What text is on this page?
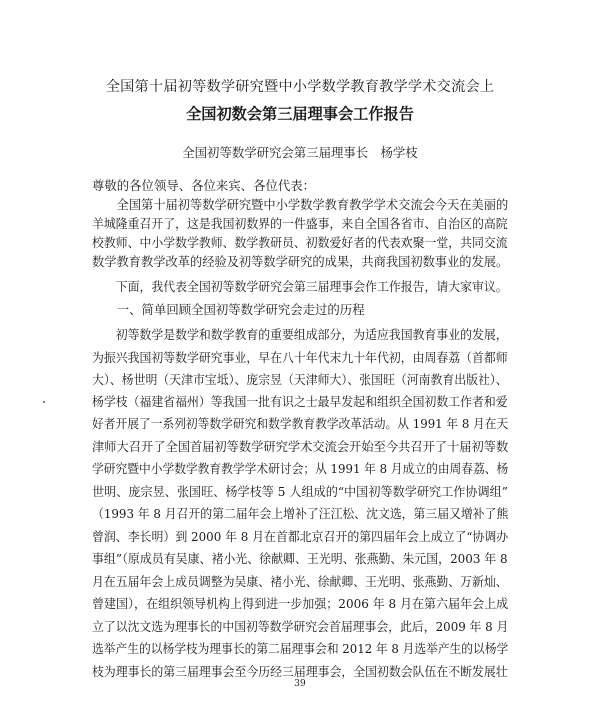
全国第十届初等数学研究暨中小学数学教育教学学术交流会上
全国初数会第三届理事会工作报告
全国初等数学研究会第三届理事长　杨学枝
尊敬的各位领导、各位来宾、各位代表：
　　全国第十届初等数学研究暨中小学数学教育教学学术交流会今天在美丽的
羊城隆重召开了，这是我国初数界的一件盛事，来自全国各省市、自治区的高院
校教师、中小学数学教师、数学教研员、初数爱好者的代表欢聚一堂，共同交流
数学教育教学改革的经验及初等数学研究的成果，共商我国初数事业的发展。
　　下面，我代表全国初等数学研究会第三届理事会作工作报告，请大家审议。
　　一、简单回顾全国初等数学研究会走过的历程
　　初等数学是数学和数学教育的重要组成部分，为适应我国教育事业的发展，
为振兴我国初等数学研究事业，早在八十年代末九十年代初，由周春荔（首都师
大）、杨世明（天津市宝坻）、庞宗昱（天津师大）、张国旺（河南教育出版社）、
杨学枝（福建省福州）等我国一批有识之士最早发起和组织全国初数工作者和爱
好者开展了一系列初等数学研究和数学教育教学改革活动。从 1991 年 8 月在天
津师大召开了全国首届初等数学研究学术交流会开始至今共召开了十届初等数
学研究暨中小学数学教育教学学术研讨会；从 1991 年 8 月成立的由周春荔、杨
世明、庞宗昱、张国旺、杨学枝等 5 人组成的“中国初等数学研究工作协调组”
（1993 年 8 月召开的第二届年会上增补了汪江松、沈文选，第三届又增补了熊
曾润、李长明）到 2000 年 8 月在首都北京召开的第四届年会上成立了“协调办
事组”（原成员有吴康、褚小光、徐献卿、王光明、张燕勤、朱元国，2003 年 8
月在五届年会上成员调整为吴康、褚小光、徐献卿、王光明、张燕勤、万新灿、
曾建国），在组织领导机构上得到进一步加强；2006 年 8 月在第六届年会上成
立了以沈文选为理事长的中国初等数学研究会首届理事会，此后，2009 年 8 月
选举产生的以杨学枝为理事长的第二届理事会和 2012 年 8 月选举产生的以杨学
枝为理事长的第三届理事会至今历经三届理事会，全国初数会队伍在不断发展壮
39
